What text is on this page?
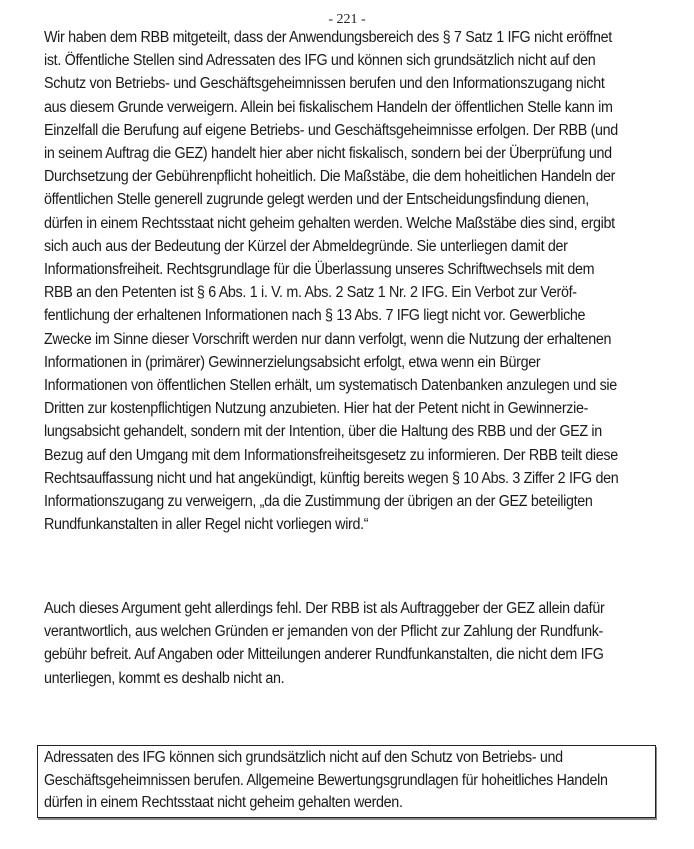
- 221 -
Wir haben dem RBB mitgeteilt, dass der Anwendungsbereich des § 7 Satz 1 IFG nicht eröffnet
ist. Öffentliche Stellen sind Adressaten des IFG und können sich grundsätzlich nicht auf den
Schutz von Betriebs- und Geschäftsgeheimnissen berufen und den Informationszugang nicht
aus diesem Grunde verweigern. Allein bei fiskalischem Handeln der öffentlichen Stelle kann im
Einzelfall die Berufung auf eigene Betriebs- und Geschäftsgeheimnisse erfolgen. Der RBB (und
in seinem Auftrag die GEZ) handelt hier aber nicht fiskalisch, sondern bei der Überprüfung und
Durchsetzung der Gebührenpflicht hoheitlich. Die Maßstäbe, die dem hoheitlichen Handeln der
öffentlichen Stelle generell zugrunde gelegt werden und der Entscheidungsfindung dienen,
dürfen in einem Rechtsstaat nicht geheim gehalten werden. Welche Maßstäbe dies sind, ergibt
sich auch aus der Bedeutung der Kürzel der Abmeldegründe. Sie unterliegen damit der
Informationsfreiheit. Rechtsgrundlage für die Überlassung unseres Schriftwechsels mit dem
RBB an den Petenten ist § 6 Abs. 1 i. V. m. Abs. 2 Satz 1 Nr. 2 IFG. Ein Verbot zur Veröf-
fentlichung der erhaltenen Informationen nach § 13 Abs. 7 IFG liegt nicht vor. Gewerbliche
Zwecke im Sinne dieser Vorschrift werden nur dann verfolgt, wenn die Nutzung der erhaltenen
Informationen in (primärer) Gewinnerzielungsabsicht erfolgt, etwa wenn ein Bürger
Informationen von öffentlichen Stellen erhält, um systematisch Datenbanken anzulegen und sie
Dritten zur kostenpflichtigen Nutzung anzubieten. Hier hat der Petent nicht in Gewinnerzie-
lungsabsicht gehandelt, sondern mit der Intention, über die Haltung des RBB und der GEZ in
Bezug auf den Umgang mit dem Informationsfreiheitsgesetz zu informieren. Der RBB teilt diese
Rechtsauffassung nicht und hat angekündigt, künftig bereits wegen § 10 Abs. 3 Ziffer 2 IFG den
Informationszugang zu verweigern, „da die Zustimmung der übrigen an der GEZ beteiligten
Rundfunkanstalten in aller Regel nicht vorliegen wird.“
Auch dieses Argument geht allerdings fehl. Der RBB ist als Auftraggeber der GEZ allein dafür
verantwortlich, aus welchen Gründen er jemanden von der Pflicht zur Zahlung der Rundfunk-
gebühr befreit. Auf Angaben oder Mitteilungen anderer Rundfunkanstalten, die nicht dem IFG
unterliegen, kommt es deshalb nicht an.
Adressaten des IFG können sich grundsätzlich nicht auf den Schutz von Betriebs- und
Geschäftsgeheimnissen berufen. Allgemeine Bewertungsgrundlagen für hoheitliches Handeln
dürfen in einem Rechtsstaat nicht geheim gehalten werden.
